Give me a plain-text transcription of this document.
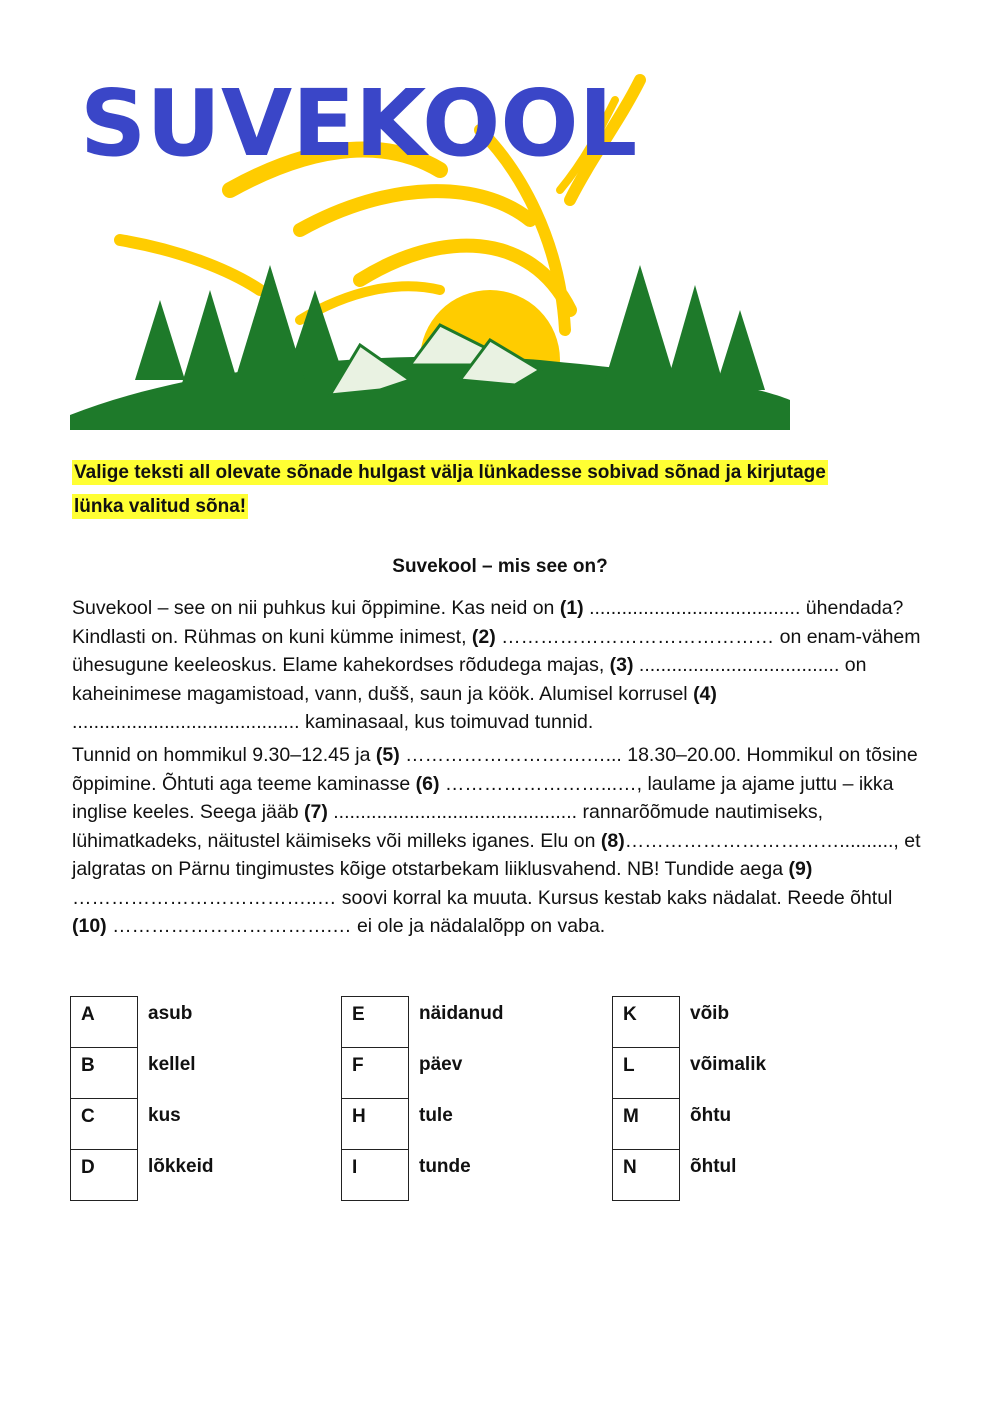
SUVEKOOL
Valige teksti all olevate sõnade hulgast välja lünkadesse sobivad sõnad ja kirjutage
lünka valitud sõna!
Suvekool – mis see on?
Suvekool – see on nii puhkus kui õppimine. Kas neid on (1) ....................................... ühendada? Kindlasti on. Rühmas on kuni kümme inimest, (2) …………………………………… on enam-vähem ühesugune keeleoskus. Elame kahekordses rõdudega majas, (3) ..................................... on kaheinimese magamistoad, vann, dušš, saun ja köök. Alumisel korrusel (4) .......................................... kaminasaal, kus toimuvad tunnid.
Tunnid on hommikul 9.30–12.45 ja (5) ……………………….…... 18.30–20.00. Hommikul on tõsine õppimine. Õhtuti aga teeme kaminasse (6) ……………………...…, laulame ja ajame juttu – ikka inglise keeles. Seega jääb (7) ............................................. rannarõõmude nautimiseks, lühimatkadeks, näitustel käimiseks või milleks iganes. Elu on (8)…………………………….........., et jalgratas on Pärnu tingimustes kõige otstarbekam liiklusvahend. NB! Tundide aega (9) ………………………………..… soovi korral ka muuta. Kursus kestab kaks nädalat. Reede õhtul (10) …………………………….… ei ole ja nädalalõpp on vaba.
A	asub
B	kellel
C	kus
D	lõkkeid
E	näidanud
F	päev
H	tule
I	tunde
K	võib
L	võimalik
M	õhtu
N	õhtul
